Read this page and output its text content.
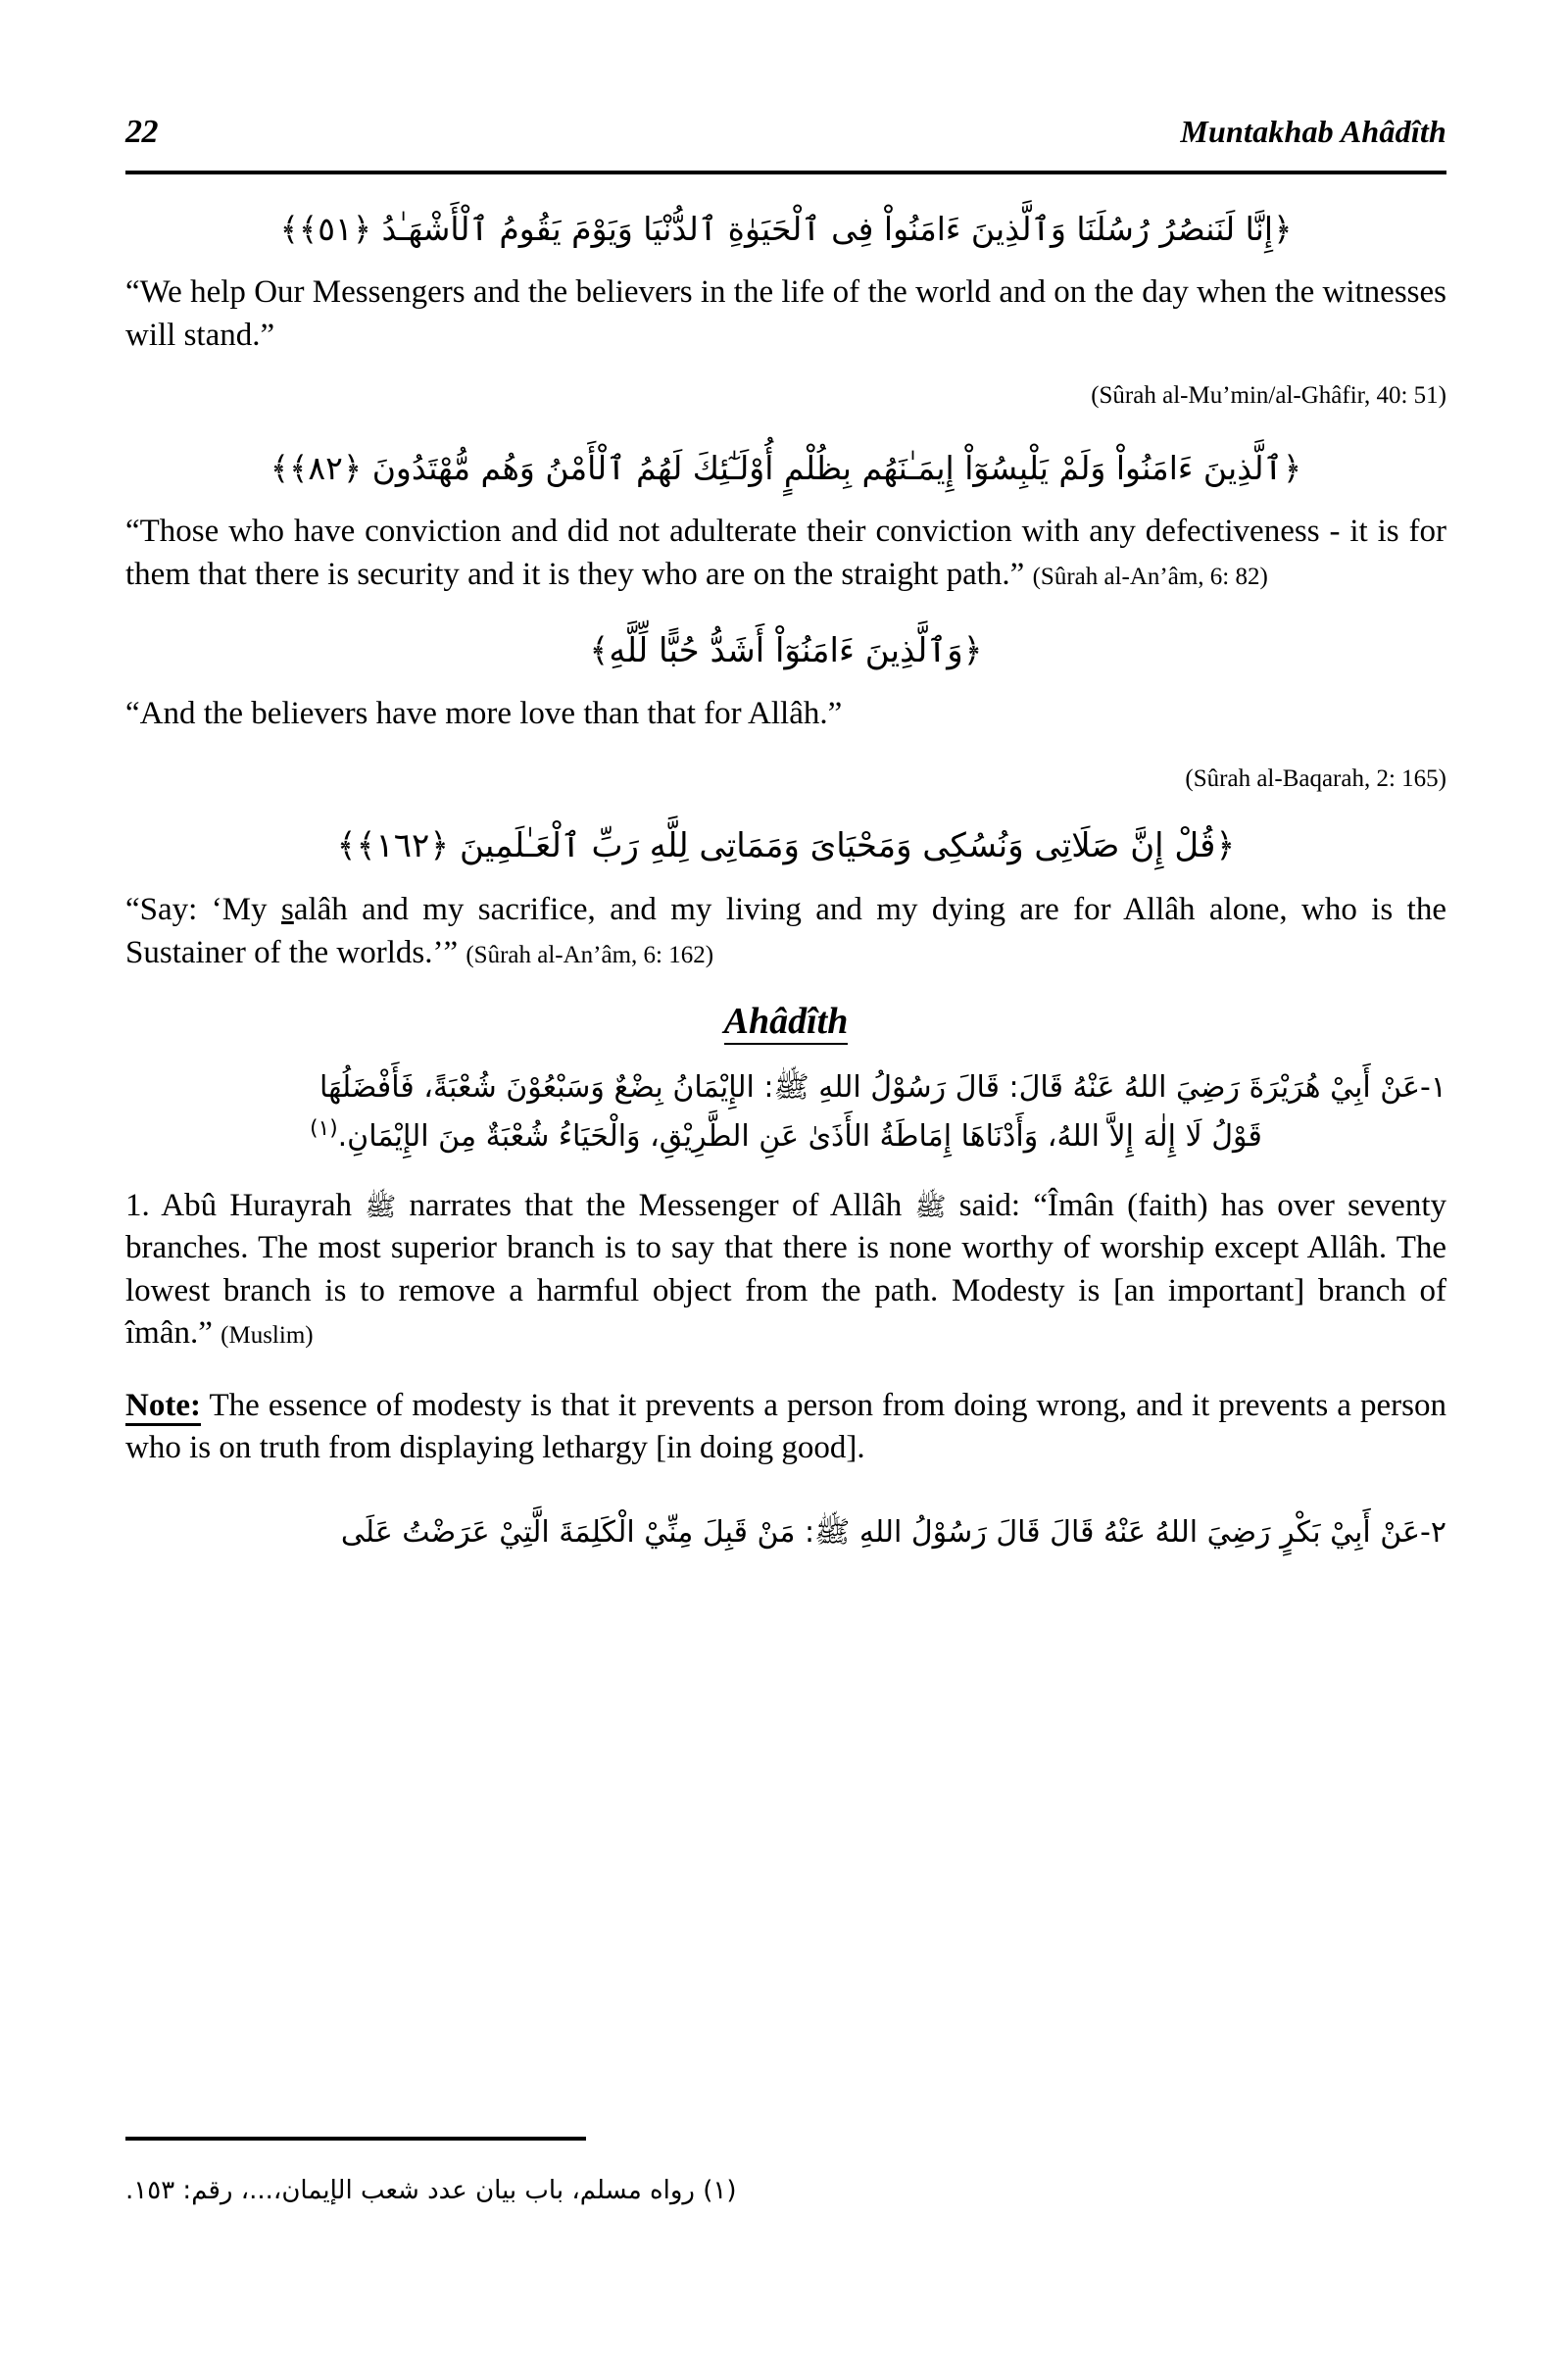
22	Muntakhab Ahâdîth
﴿إِنَّا لَنَنصُرُ رُسُلَنَا وَٱلَّذِينَ ءَامَنُواْ فِى ٱلْحَيَوٰةِ ٱلدُّنْيَا وَيَوْمَ يَقُومُ ٱلْأَشْهَـٰدُ ﴿٥١﴾﴾
“We help Our Messengers and the believers in the life of the world and on the day when the witnesses will stand.”
(Sûrah al-Mu’min/al-Ghâfir, 40: 51)
﴿ٱلَّذِينَ ءَامَنُواْ وَلَمْ يَلْبِسُوٓاْ إِيمَـٰنَهُم بِظُلْمٍ أُوْلَـٰٓئِكَ لَهُمُ ٱلْأَمْنُ وَهُم مُّهْتَدُونَ ﴿٨٢﴾﴾
“Those who have conviction and did not adulterate their conviction with any defectiveness - it is for them that there is security and it is they who are on the straight path.” (Sûrah al-An’âm, 6: 82)
﴿وَٱلَّذِينَ ءَامَنُوٓاْ أَشَدُّ حُبًّا لِّلَّهِ﴾
“And the believers have more love than that for Allâh.”
(Sûrah al-Baqarah, 2: 165)
﴿قُلْ إِنَّ صَلَاتِى وَنُسُكِى وَمَحْيَاىَ وَمَمَاتِى لِلَّهِ رَبِّ ٱلْعَـٰلَمِينَ ﴿١٦٢﴾﴾
“Say: ‘My salâh and my sacrifice, and my living and my dying are for Allâh alone, who is the Sustainer of the worlds.’” (Sûrah al-An’âm, 6: 162)
Ahâdîth
١-عَنْ أَبِيْ هُرَيْرَةَ رَضِيَ اللهُ عَنْهُ قَالَ: قَالَ رَسُوْلُ اللهِ ﷺ: الإِيْمَانُ بِضْعٌ وَسَبْعُوْنَ شُعْبَةً، فَأَفْضَلُهَا
قَوْلُ لَا إِلٰهَ إِلاَّ اللهُ، وَأَدْنَاهَا إِمَاطَةُ الأَذَىٰ عَنِ الطَّرِيْقِ، وَالْحَيَاءُ شُعْبَةٌ مِنَ الإِيْمَانِ.$^{(١)}$
1. Abû Hurayrah ﷺ narrates that the Messenger of Allâh ﷺ said: “Îmân (faith) has over seventy branches. The most superior branch is to say that there is none worthy of worship except Allâh. The lowest branch is to remove a harmful object from the path. Modesty is [an important] branch of îmân.” (Muslim)
Note: The essence of modesty is that it prevents a person from doing wrong, and it prevents a person who is on truth from displaying lethargy [in doing good].
٢-عَنْ أَبِيْ بَكْرٍ رَضِيَ اللهُ عَنْهُ قَالَ قَالَ رَسُوْلُ اللهِ ﷺ: مَنْ قَبِلَ مِنِّيْ الْكَلِمَةَ الَّتِيْ عَرَضْتُ عَلَى
(١) رواه مسلم، باب بيان عدد شعب الإيمان،...، رقم: ١٥٣.
